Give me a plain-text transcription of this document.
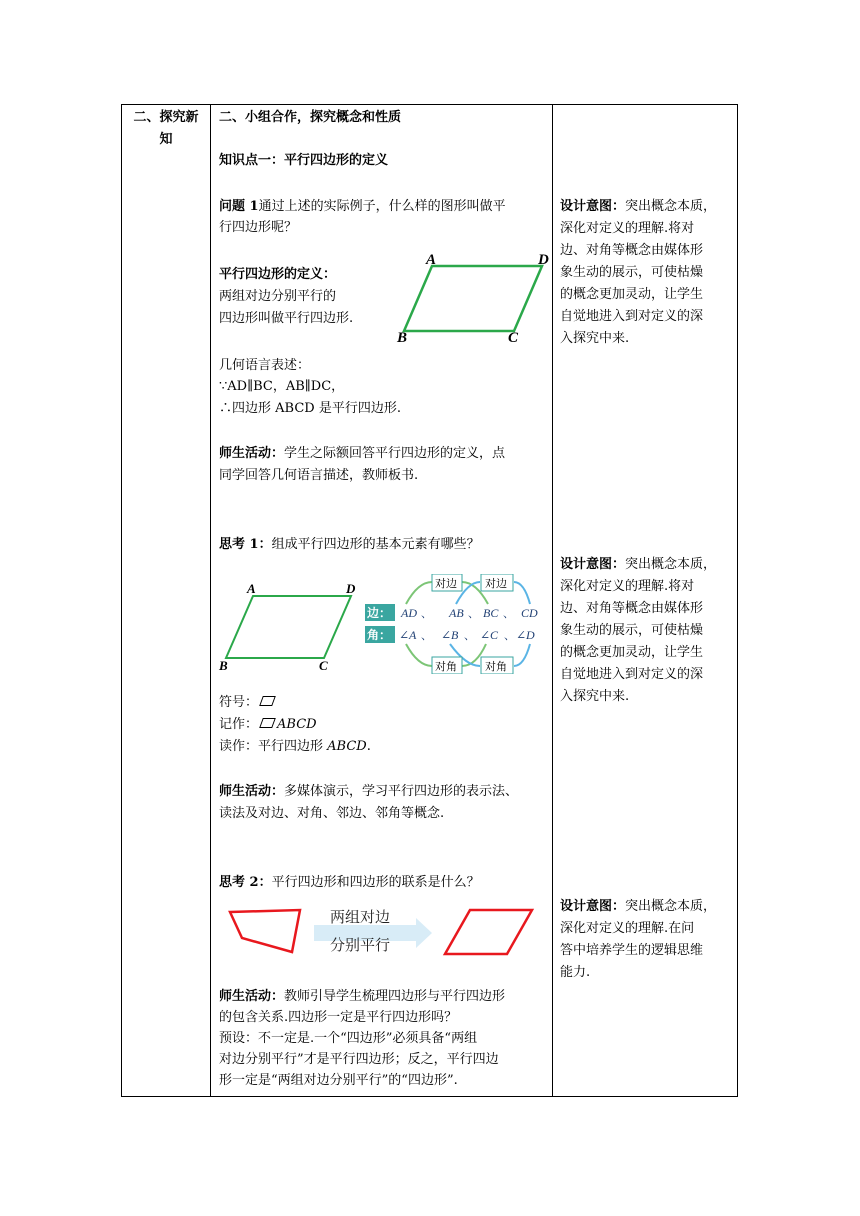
二、探究新
知
二、小组合作，探究概念和性质
知识点一：平行四边形的定义
问题 1通过上述的实际例子，什么样的图形叫做平
行四边形呢？
平行四边形的定义：
两组对边分别平行的
四边形叫做平行四边形.
A	D
B	C
几何语言表述：
∵AD∥BC，AB∥DC，
∴四边形 ABCD 是平行四边形.
师生活动：学生之际额回答平行四边形的定义，点
同学回答几何语言描述，教师板书.
思考 1：组成平行四边形的基本元素有哪些？
A	D
B	C
边：
角：
AD 、 AB 、 BC 、 CD
∠A 、 ∠B 、 ∠C 、 ∠D
对边	对边
对角	对角
符号：
记作： ABCD
读作：平行四边形 ABCD.
师生活动：多媒体演示，学习平行四边形的表示法、
读法及对边、对角、邻边、邻角等概念.
思考 2：平行四边形和四边形的联系是什么？
两组对边
分别平行
师生活动：教师引导学生梳理四边形与平行四边形
的包含关系.四边形一定是平行四边形吗？
预设：不一定是.一个“四边形”必须具备“两组
对边分别平行”才是平行四边形；反之，平行四边
形一定是“两组对边分别平行”的“四边形”.
设计意图：突出概念本质，
深化对定义的理解.将对
边、对角等概念由媒体形
象生动的展示，可使枯燥
的概念更加灵动，让学生
自觉地进入到对定义的深
入探究中来.
设计意图：突出概念本质，
深化对定义的理解.将对
边、对角等概念由媒体形
象生动的展示，可使枯燥
的概念更加灵动，让学生
自觉地进入到对定义的深
入探究中来.
设计意图：突出概念本质，
深化对定义的理解.在问
答中培养学生的逻辑思维
能力.
